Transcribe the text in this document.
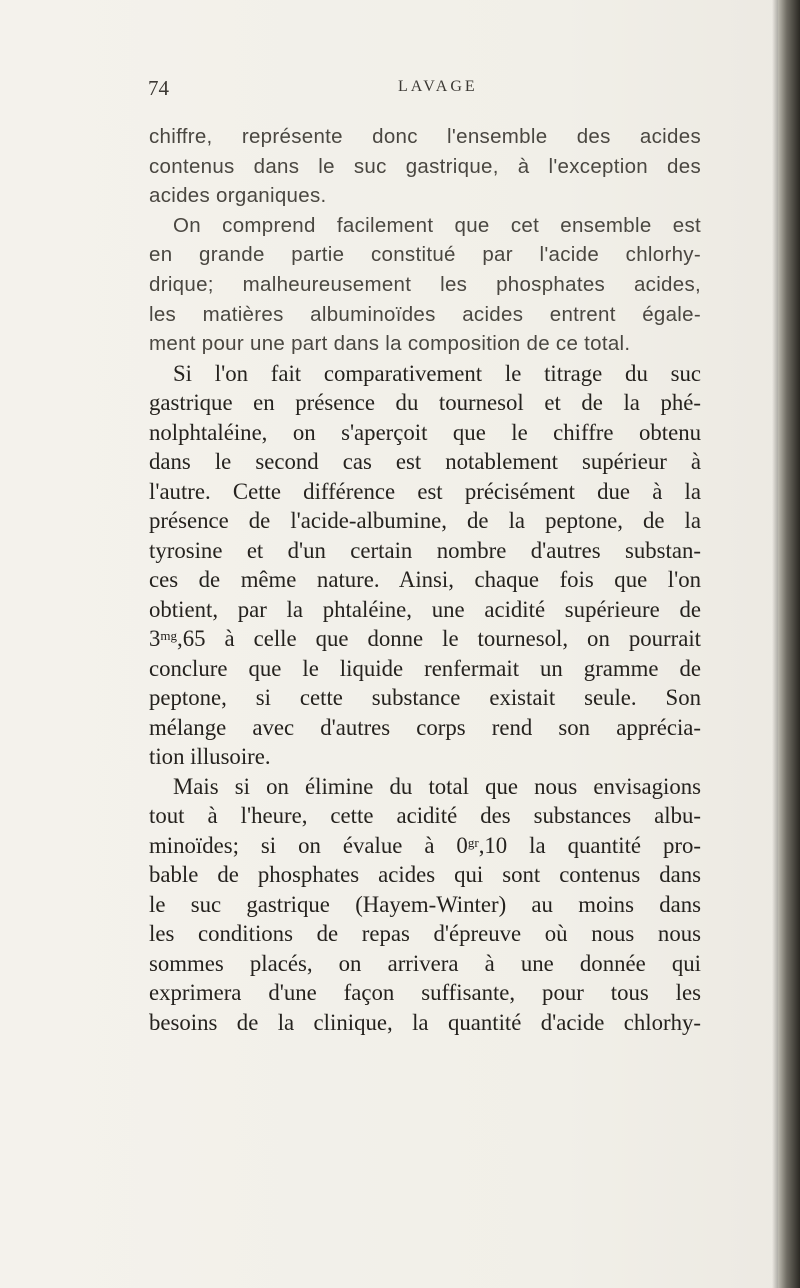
74	LAVAGE
chiffre, représente donc l'ensemble des acides
contenus dans le suc gastrique, à l'exception des
acides organiques.
On comprend facilement que cet ensemble est
en grande partie constitué par l'acide chlorhy-
drique; malheureusement les phosphates acides,
les matières albuminoïdes acides entrent égale-
ment pour une part dans la composition de ce total.
Si l'on fait comparativement le titrage du suc
gastrique en présence du tournesol et de la phé-
nolphtaléine, on s'aperçoit que le chiffre obtenu
dans le second cas est notablement supérieur à
l'autre. Cette différence est précisément due à la
présence de l'acide-albumine, de la peptone, de la
tyrosine et d'un certain nombre d'autres substan-
ces de même nature. Ainsi, chaque fois que l'on
obtient, par la phtaléine, une acidité supérieure de
$3^{mg},65$ à celle que donne le tournesol, on pourrait
conclure que le liquide renfermait un gramme de
peptone, si cette substance existait seule. Son
mélange avec d'autres corps rend son apprécia-
tion illusoire.
Mais si on élimine du total que nous envisagions
tout à l'heure, cette acidité des substances albu-
minoïdes; si on évalue à $0^{gr},10$ la quantité pro-
bable de phosphates acides qui sont contenus dans
le suc gastrique (Hayem-Winter) au moins dans
les conditions de repas d'épreuve où nous nous
sommes placés, on arrivera à une donnée qui
exprimera d'une façon suffisante, pour tous les
besoins de la clinique, la quantité d'acide chlorhy-
